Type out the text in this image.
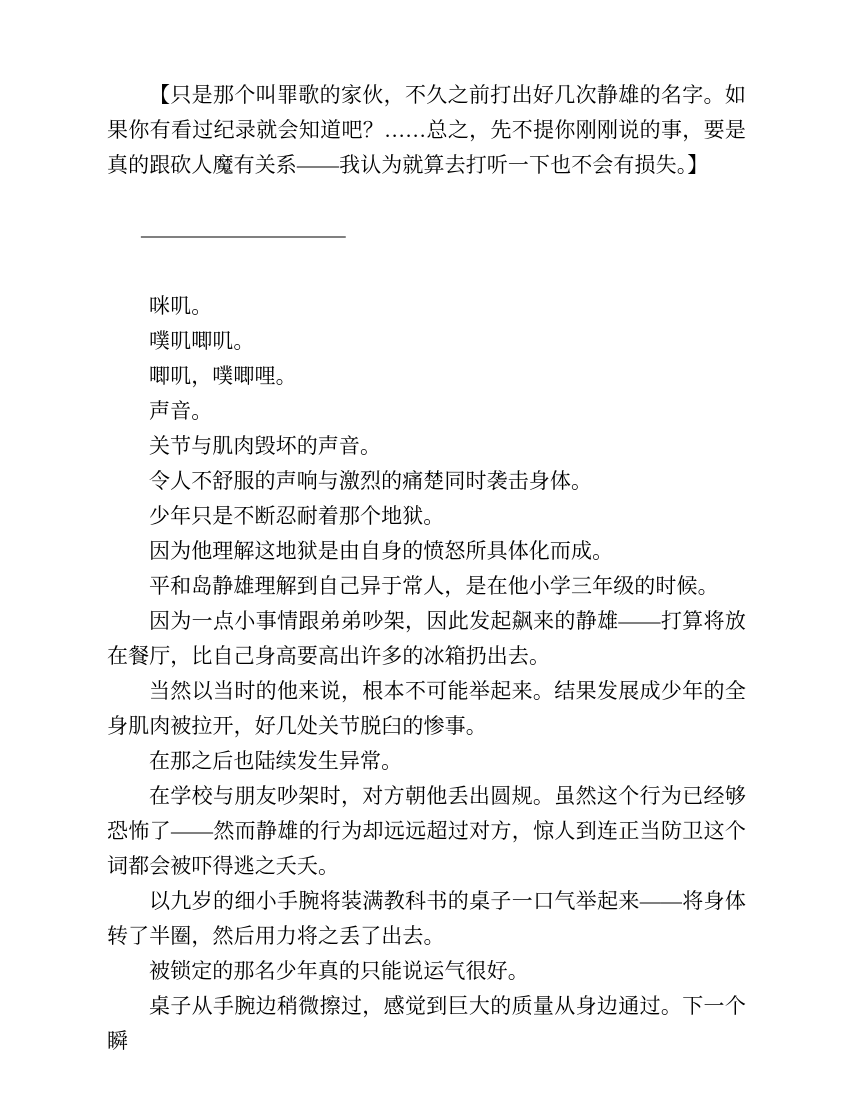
【只是那个叫罪歌的家伙，不久之前打出好几次静雄的名字。如果你有看过纪录就会知道吧？……总之，先不提你刚刚说的事，要是真的跟砍人魔有关系——我认为就算去打听一下也不会有损失。】

——————————

咪叽。

噗叽唧叽。

唧叽，噗唧哩。

声音。

关节与肌肉毁坏的声音。

令人不舒服的声响与激烈的痛楚同时袭击身体。

少年只是不断忍耐着那个地狱。

因为他理解这地狱是由自身的愤怒所具体化而成。

平和岛静雄理解到自己异于常人，是在他小学三年级的时候。

因为一点小事情跟弟弟吵架，因此发起飙来的静雄——打算将放在餐厅，比自己身高要高出许多的冰箱扔出去。

当然以当时的他来说，根本不可能举起来。结果发展成少年的全身肌肉被拉开，好几处关节脱臼的惨事。

在那之后也陆续发生异常。

在学校与朋友吵架时，对方朝他丢出圆规。虽然这个行为已经够恐怖了——然而静雄的行为却远远超过对方，惊人到连正当防卫这个词都会被吓得逃之夭夭。

以九岁的细小手腕将装满教科书的桌子一口气举起来——将身体转了半圈，然后用力将之丢了出去。

被锁定的那名少年真的只能说运气很好。

桌子从手腕边稍微擦过，感觉到巨大的质量从身边通过。下一个瞬
